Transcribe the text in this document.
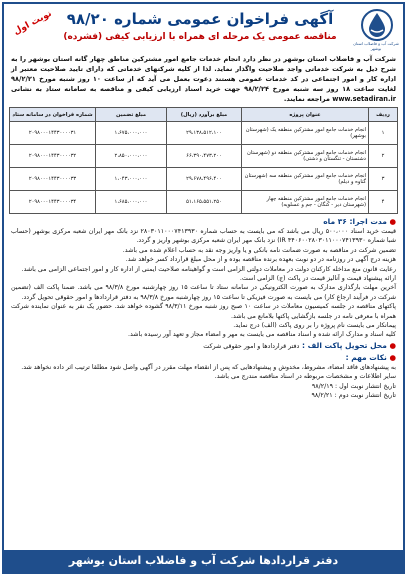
شرکت آب و فاضلاب استان بوشهر
آگهی فراخوان عمومی شماره ۹۸/۲۰
مناقصه عمومی یک مرحله ای همراه با ارزیابی کیفی (فشرده)
نوبت اول
شرکت آب و فاضلاب استان بوشهر در نظر دارد انجام خدمات جامع امور مشترکین مناطق چهار گانه استان بوشهر را به شرح ذیل به شرکت خدماتی واجد صلاحیت واگذار نماید. لذا از کلیه شرکتهای خدماتی که دارای تایید صلاحیت معتبر از اداره کار و امور اجتماعی در کد خدمات عمومی هستند دعوت بعمل می آید که از ساعت ۱۰ روز شنبه مورخ ۹۸/۲/۲۱ لغایت ساعت ۱۸ روز سه شنبه مورخ ۹۸/۲/۲۴ جهت خرید اسناد ارزیابی کیفی و مناقصه به سامانه ستاد به نشانی www.setadiran.ir مراجعه نمایند.
ردیف	عنوان پروژه	مبلغ برآورد (ریال)	مبلغ تضمین	شماره فراخوان در سامانه ستاد
۱	انجام خدمات جامع امور مشترکین منطقه یک (شهرستان بوشهر)	۲۹،۱۳۸،۵۱۲،۱۰۰	۱،۶۷۵،۰۰۰،۰۰۰	۲۰۹۸۰۰۰۱۴۴۳۰۰۰۰۳۱
۲	انجام خدمات جامع امور مشترکین منطقه دو (شهرستان دشتستان - تنگستان و دشتی)	۶۶،۳۹۰،۴۷۳،۲۰۰	۲،۸۵۰،۰۰۰،۰۰۰	۲۰۹۸۰۰۰۱۴۴۳۰۰۰۰۳۲
۳	انجام خدمات جامع امور مشترکین منطقه سه (شهرستان گناوه و دیلم)	۲۹،۶۷۸،۴۹۶،۴۰۰	۱،۰۴۳،۰۰۰،۰۰۰	۲۰۹۸۰۰۰۱۴۴۳۰۰۰۰۳۳
۴	انجام خدمات جامع امور مشترکین منطقه چهار (شهرستان دیر - کنگان - جم و عسلویه)	۵۱،۱۶۵،۵۵۱،۲۵۰	۱،۶۸۵،۰۰۰،۰۰۰	۲۰۹۸۰۰۰۱۴۴۳۰۰۰۰۳۴
● مدت اجرا: ۳۶ ماه
قیمت خرید اسناد ۵۰۰،۰۰۰ ریال می باشد که می بایست به حساب شماره ۲۸۰۳۰۱۱۰۰۰۷۴۱۳۹۳۰ نزد بانک مهر ایران شعبه مرکزی بوشهر (حساب شبا شماره IR ۴۴۰۶۰۰۲۸۰۳۰۱۱۰۰۰۷۴۱۳۹۳۰) نزد بانک مهر ایران شعبه مرکزی بوشهر واریز و گردد.
تضمین شرکت در مناقصه به صورت ضمانت نامه بانکی و یا واریز وجه نقد به حساب اعلام شده می باشد.
هزینه درج آگهی در روزنامه در دو نوبت بعهده برنده مناقصه بوده و از محل مبلغ قرارداد کسر خواهد شد.
رعایت قانون منع مداخله کارکنان دولت در معاملات دولتی الزامی است و گواهینامه صلاحیت ایمنی از اداره کار و امور اجتماعی الزامی می باشد.
ارائه پیشنهاد قیمت و آنالیز قیمت در پاکت (ج) الزامی است.
آخرین مهلت بارگذاری مدارک به صورت الکترونیکی در سامانه ستاد تا ساعت ۱۵ روز چهارشنبه مورخ ۹۸/۳/۸ می باشد. ضمنا پاکت الف (تضمین شرکت در فرآیند ارجاع کار) می بایست به صورت فیزیکی تا ساعت ۱۵ روز چهارشنبه مورخ ۹۸/۳/۸ به دفتر قراردادها و امور حقوقی تحویل گردد.
پاکتهای مناقصه در جلسه کمیسیون معاملات در ساعت ۱۰ صبح روز شنبه مورخ ۹۸/۳/۱۱ گشوده خواهد شد. حضور یک نفر به عنوان نماینده شرکت همراه با معرفی نامه در جلسه بازگشایی پاکتها بلامانع می باشد.
پیمانکار می بایست نام پروژه را بر روی پاکت (الف) درج نماید.
کلیه اسناد و مدارک ارائه شده و اسناد مناقصه می بایست به مهر و امضاء مجاز و تعهد آور رسیده باشد.
● محل تحویل پاکت الف : دفتر قراردادها و امور حقوقی شرکت
● نکات مهم :
به پیشنهادهای فاقد امضاء، مشروط، مخدوش و پیشنهادهایی که پس از انقضاء مهلت مقرر در آگهی واصل شود مطلقا ترتیب اثر داده نخواهد شد.
سایر اطلاعات و مشخصات مربوطه در اسناد مناقصه مندرج می باشد.
تاریخ انتشار نوبت اول : ۹۸/۲/۱۹
تاریخ انتشار نوبت دوم : ۹۸/۲/۲۱
دفتر قراردادها شرکت آب و فاضلاب استان بوشهر
